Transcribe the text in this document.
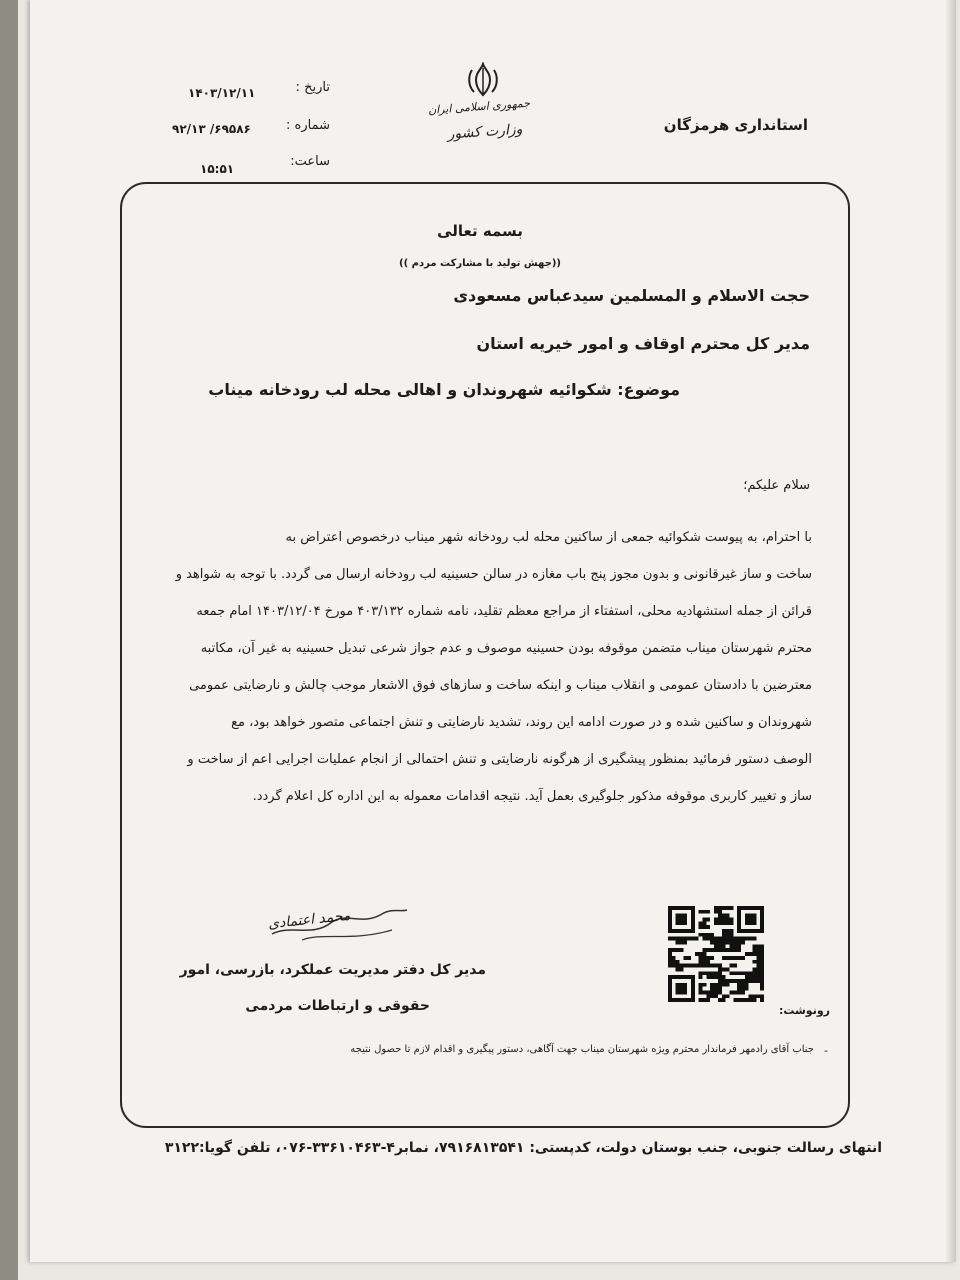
استانداری هرمزگان
جمهوری اسلامی ایران
وزارت کشور
تاریخ :
۱۴۰۳/۱۲/۱۱
شماره :
۹۲/۱۳ /۶۹۵۸۶
ساعت:
۱۵:۵۱
بسمه تعالی
(( جهش تولید با مشارکت مردم))
حجت الاسلام و المسلمین سیدعباس مسعودی
مدیر کل محترم اوقاف و امور خیریه استان
موضوع: شکوائیه شهروندان و اهالی محله لب رودخانه میناب
سلام علیکم؛
با احترام، به پیوست شکوائیه جمعی از ساکنین محله لب رودخانه شهر میناب درخصوص اعتراض به
ساخت و ساز غیرقانونی و بدون مجوز پنج باب مغازه در سالن حسینیه لب رودخانه ارسال می گردد. با توجه به شواهد و
قرائن از جمله استشهادیه محلی، استفتاء از مراجع معظم تقلید، نامه شماره ۴۰۳/۱۳۲ مورخ ۱۴۰۳/۱۲/۰۴ امام جمعه
محترم شهرستان میناب متضمن موقوفه بودن حسینیه موصوف و عدم جواز شرعی تبدیل حسینیه به غیر آن، مکاتبه
معترضین با دادستان عمومی و انقلاب میناب و اینکه ساخت و سازهای فوق الاشعار موجب چالش و نارضایتی عمومی
شهروندان و ساکنین شده و در صورت ادامه این روند، تشدید نارضایتی و تنش اجتماعی متصور خواهد بود، مع
الوصف دستور فرمائید بمنظور پیشگیری از هرگونه نارضایتی و تنش احتمالی از انجام عملیات اجرایی اعم از ساخت و
ساز و تغییر کاربری موقوفه مذکور جلوگیری بعمل آید. نتیجه اقدامات معموله به این اداره کل اعلام گردد.
محمد اعتمادی
مدیر کل دفتر مدیریت عملکرد، بازرسی، امور
حقوقی و ارتباطات مردمی	رونوشت:
-
جناب آقای رادمهر فرماندار محترم ویژه شهرستان میناب جهت آگاهی، دستور پیگیری و اقدام لازم تا حصول نتیجه
انتهای رسالت جنوبی، جنب بوستان دولت، کدپستی: ۷۹۱۶۸۱۳۵۴۱، نمابر۴-۳۳۶۱۰۴۶۳-۰۷۶، تلفن گویا:۳۱۲۲
